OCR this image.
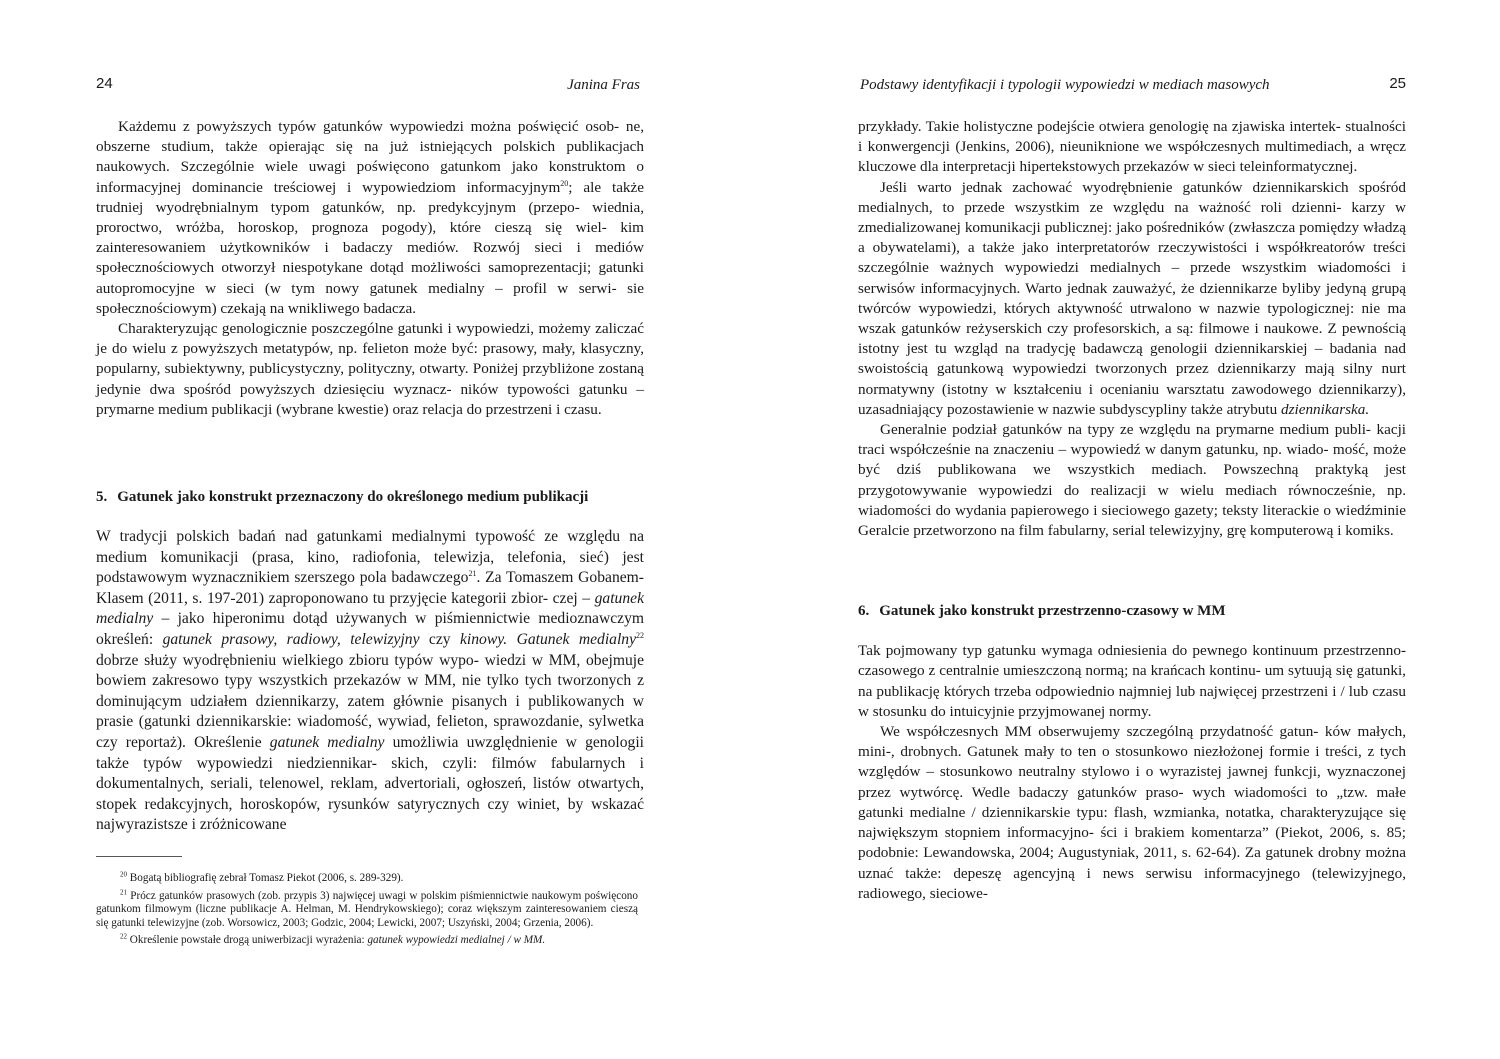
24	Janina Fras

Każdemu z powyższych typów gatunków wypowiedzi można poświęcić osob- ne, obszerne studium, także opierając się na już istniejących polskich publikacjach naukowych. Szczególnie wiele uwagi poświęcono gatunkom jako konstruktom o informacyjnej dominancie treściowej i wypowiedziom informacyjnym$^{20}$; ale także trudniej wyodrębnialnym typom gatunków, np. predykcyjnym (przepo- wiednia, proroctwo, wróżba, horoskop, prognoza pogody), które cieszą się wiel- kim zainteresowaniem użytkowników i badaczy mediów. Rozwój sieci i mediów społecznościowych otworzył niespotykane dotąd możliwości samoprezentacji; gatunki autopromocyjne w sieci (w tym nowy gatunek medialny – profil w serwi- sie społecznościowym) czekają na wnikliwego badacza.

Charakteryzując genologicznie poszczególne gatunki i wypowiedzi, możemy zaliczać je do wielu z powyższych metatypów, np. felieton może być: prasowy, mały, klasyczny, popularny, subiektywny, publicystyczny, polityczny, otwarty. Poniżej przybliżone zostaną jedynie dwa spośród powyższych dziesięciu wyznacz- ników typowości gatunku – prymarne medium publikacji (wybrane kwestie) oraz relacja do przestrzeni i czasu.

5. Gatunek jako konstrukt przeznaczony do określonego medium publikacji

W tradycji polskich badań nad gatunkami medialnymi typowość ze względu na medium komunikacji (prasa, kino, radiofonia, telewizja, telefonia, sieć) jest podstawowym wyznacznikiem szerszego pola badawczego$^{21}$. Za Tomaszem Gobanem-Klasem (2011, s. 197-201) zaproponowano tu przyjęcie kategorii zbior- czej – gatunek medialny – jako hiperonimu dotąd używanych w piśmiennictwie medioznawczym określeń: gatunek prasowy, radiowy, telewizyjny czy kinowy. Gatunek medialny$^{22}$ dobrze służy wyodrębnieniu wielkiego zbioru typów wypo- wiedzi w MM, obejmuje bowiem zakresowo typy wszystkich przekazów w MM, nie tylko tych tworzonych z dominującym udziałem dziennikarzy, zatem głównie pisanych i publikowanych w prasie (gatunki dziennikarskie: wiadomość, wywiad, felieton, sprawozdanie, sylwetka czy reportaż). Określenie gatunek medialny umożliwia uwzględnienie w genologii także typów wypowiedzi niedziennikar- skich, czyli: filmów fabularnych i dokumentalnych, seriali, telenowel, reklam, advertoriali, ogłoszeń, listów otwartych, stopek redakcyjnych, horoskopów, rysunków satyrycznych czy winiet, by wskazać najwyrazistsze i zróżnicowane

$^{20}$ Bogatą bibliografię zebrał Tomasz Piekot (2006, s. 289-329).

$^{21}$ Prócz gatunków prasowych (zob. przypis 3) najwięcej uwagi w polskim piśmiennictwie naukowym poświęcono gatunkom filmowym (liczne publikacje A. Helman, M. Hendrykowskiego); coraz większym zainteresowaniem cieszą się gatunki telewizyjne (zob. Worsowicz, 2003; Godzic, 2004; Lewicki, 2007; Uszyński, 2004; Grzenia, 2006).

$^{22}$ Określenie powstałe drogą uniwerbizacji wyrażenia: gatunek wypowiedzi medialnej / w MM.

Podstawy identyfikacji i typologii wypowiedzi w mediach masowych	25

przykłady. Takie holistyczne podejście otwiera genologię na zjawiska intertek- stualności i konwergencji (Jenkins, 2006), nieuniknione we współczesnych multimediach, a wręcz kluczowe dla interpretacji hipertekstowych przekazów w sieci teleinformatycznej.

Jeśli warto jednak zachować wyodrębnienie gatunków dziennikarskich spośród medialnych, to przede wszystkim ze względu na ważność roli dzienni- karzy w zmedializowanej komunikacji publicznej: jako pośredników (zwłaszcza pomiędzy władzą a obywatelami), a także jako interpretatorów rzeczywistości i współkreatorów treści szczególnie ważnych wypowiedzi medialnych – przede wszystkim wiadomości i serwisów informacyjnych. Warto jednak zauważyć, że dziennikarze byliby jedyną grupą twórców wypowiedzi, których aktywność utrwalono w nazwie typologicznej: nie ma wszak gatunków reżyserskich czy profesorskich, a są: filmowe i naukowe. Z pewnością istotny jest tu wzgląd na tradycję badawczą genologii dziennikarskiej – badania nad swoistością gatunkową wypowiedzi tworzonych przez dziennikarzy mają silny nurt normatywny (istotny w kształceniu i ocenianiu warsztatu zawodowego dziennikarzy), uzasadniający pozostawienie w nazwie subdyscypliny także atrybutu dziennikarska.

Generalnie podział gatunków na typy ze względu na prymarne medium publi- kacji traci współcześnie na znaczeniu – wypowiedź w danym gatunku, np. wiado- mość, może być dziś publikowana we wszystkich mediach. Powszechną praktyką jest przygotowywanie wypowiedzi do realizacji w wielu mediach równocześnie, np. wiadomości do wydania papierowego i sieciowego gazety; teksty literackie o wiedźminie Geralcie przetworzono na film fabularny, serial telewizyjny, grę komputerową i komiks.

6. Gatunek jako konstrukt przestrzenno-czasowy w MM

Tak pojmowany typ gatunku wymaga odniesienia do pewnego kontinuum przestrzenno-czasowego z centralnie umieszczoną normą; na krańcach kontinu- um sytuują się gatunki, na publikację których trzeba odpowiednio najmniej lub najwięcej przestrzeni i / lub czasu w stosunku do intuicyjnie przyjmowanej normy.

We współczesnych MM obserwujemy szczególną przydatność gatun- ków małych, mini-, drobnych. Gatunek mały to ten o stosunkowo niezłożonej formie i treści, z tych względów – stosunkowo neutralny stylowo i o wyrazistej jawnej funkcji, wyznaczonej przez wytwórcę. Wedle badaczy gatunków praso- wych wiadomości to „tzw. małe gatunki medialne / dziennikarskie typu: flash, wzmianka, notatka, charakteryzujące się największym stopniem informacyjno- ści i brakiem komentarza” (Piekot, 2006, s. 85; podobnie: Lewandowska, 2004; Augustyniak, 2011, s. 62-64). Za gatunek drobny można uznać także: depeszę agencyjną i news serwisu informacyjnego (telewizyjnego, radiowego, sieciowe-
